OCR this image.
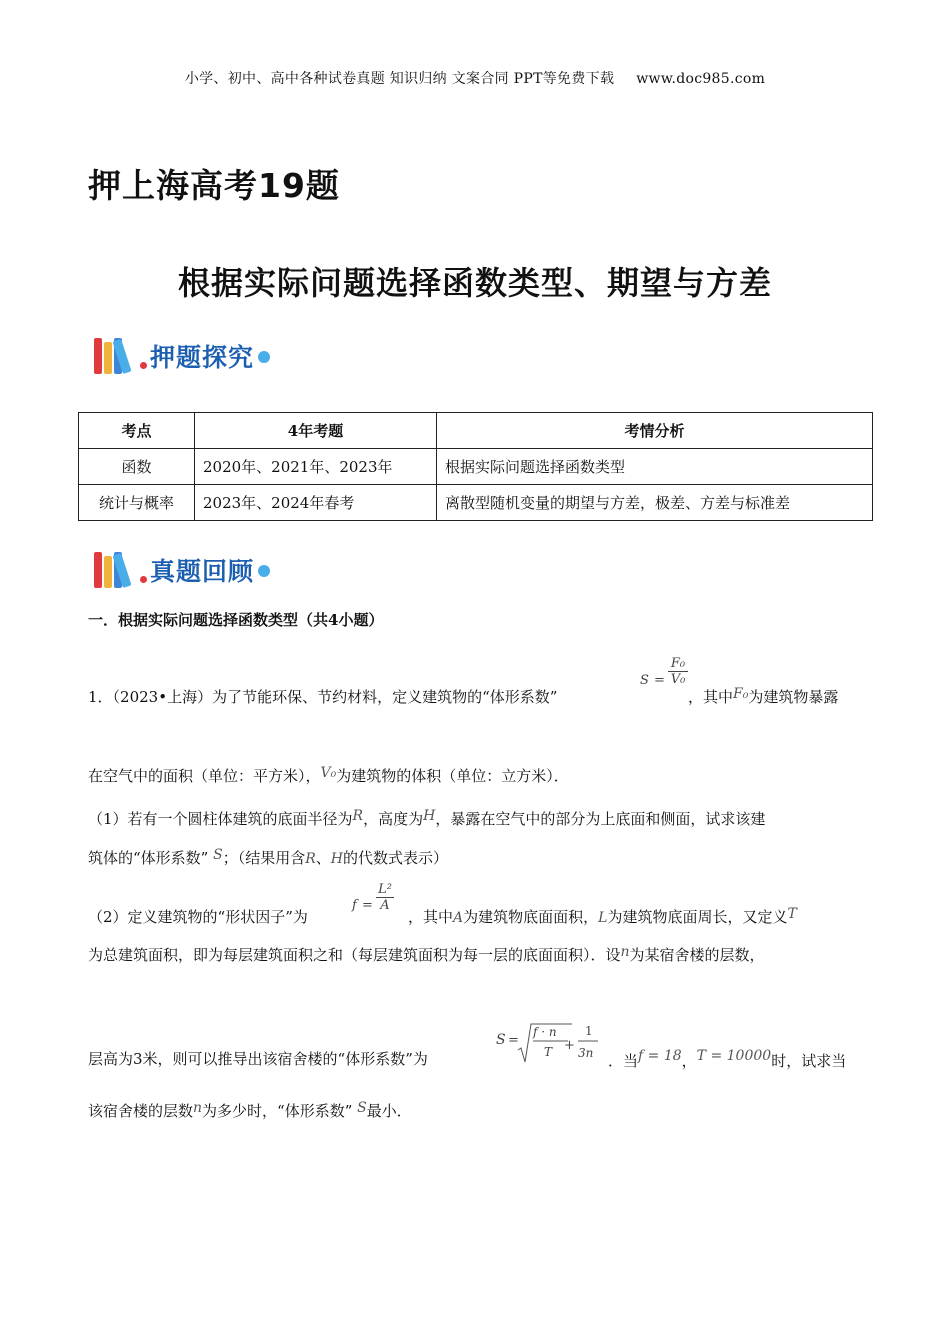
小学、初中、高中各种试卷真题 知识归纳 文案合同 PPT等免费下载 www.doc985.com
押上海高考19题
根据实际问题选择函数类型、期望与方差
押题探究
考点	4年考题	考情分析
函数	2020年、2021年、2023年	根据实际问题选择函数类型
统计与概率	2023年、2024年春考	离散型随机变量的期望与方差，极差、方差与标准差
真题回顾
一．根据实际问题选择函数类型（共4小题）
1．（2023•上海）为了节能环保、节约材料，定义建筑物的“体形系数”
$S = \frac{\text{F₀}}{\text{V₀}}$
，其中F₀为建筑物暴露
在空气中的面积（单位：平方米），V₀为建筑物的体积（单位：立方米）．
（1）若有一个圆柱体建筑的底面半径为R，高度为H，暴露在空气中的部分为上底面和侧面，试求该建
筑体的“体形系数” S；（结果用含R、H的代数式表示）
（2）定义建筑物的“形状因子”为
$f = \frac{\text{L²}}{A}$
，其中A为建筑物底面面积，L为建筑物底面周长，又定义T
为总建筑面积，即为每层建筑面积之和（每层建筑面积为每一层的底面面积）．设n为某宿舍楼的层数，
层高为3米，则可以推导出该宿舍楼的“体形系数”为
S =
f · n
T +
1
3n ．当f = 18，T = 10000时，试求当
该宿舍楼的层数n为多少时，“体形系数” S最小．
